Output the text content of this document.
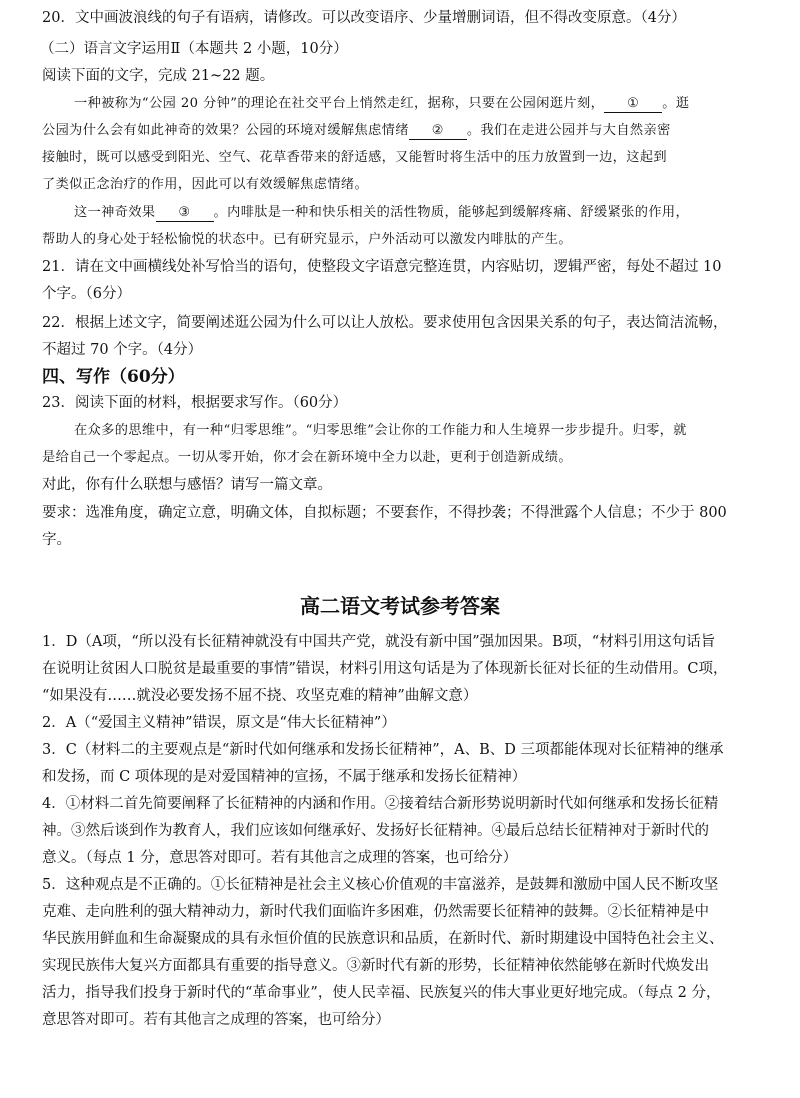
20．文中画波浪线的句子有语病，请修改。可以改变语序、少量增删词语，但不得改变原意。（4分）
（二）语言文字运用Ⅱ（本题共 2 小题，10分）
阅读下面的文字，完成 21~22 题。
一种被称为“公园 20 分钟”的理论在社交平台上悄然走红，据称，只要在公园闲逛片刻， ① 。逛
公园为什么会有如此神奇的效果？公园的环境对缓解焦虑情绪 ② 。我们在走进公园并与大自然亲密
接触时，既可以感受到阳光、空气、花草香带来的舒适感，又能暂时将生活中的压力放置到一边，这起到
了类似正念治疗的作用，因此可以有效缓解焦虑情绪。
这一神奇效果 ③ 。内啡肽是一种和快乐相关的活性物质，能够起到缓解疼痛、舒缓紧张的作用，
帮助人的身心处于轻松愉悦的状态中。已有研究显示，户外活动可以激发内啡肽的产生。
21．请在文中画横线处补写恰当的语句，使整段文字语意完整连贯，内容贴切，逻辑严密，每处不超过 10
个字。（6分）
22．根据上述文字，简要阐述逛公园为什么可以让人放松。要求使用包含因果关系的句子，表达简洁流畅，
不超过 70 个字。（4分）
四、写作（60分）
23．阅读下面的材料，根据要求写作。（60分）
在众多的思维中，有一种“归零思维”。“归零思维”会让你的工作能力和人生境界一步步提升。归零，就
是给自己一个零起点。一切从零开始，你才会在新环境中全力以赴，更利于创造新成绩。
对此，你有什么联想与感悟？请写一篇文章。
要求：选准角度，确定立意，明确文体，自拟标题；不要套作，不得抄袭；不得泄露个人信息；不少于 800
字。
高二语文考试参考答案
1．D（A项，“所以没有长征精神就没有中国共产党，就没有新中国”强加因果。B项，“材料引用这句话旨
在说明让贫困人口脱贫是最重要的事情”错误，材料引用这句话是为了体现新长征对长征的生动借用。C项，
“如果没有……就没必要发扬不屈不挠、攻坚克难的精神”曲解文意）
2．A（“爱国主义精神”错误，原文是“伟大长征精神”）
3．C（材料二的主要观点是“新时代如何继承和发扬长征精神”，A、B、D 三项都能体现对长征精神的继承
和发扬，而 C 项体现的是对爱国精神的宣扬，不属于继承和发扬长征精神）
4．①材料二首先简要阐释了长征精神的内涵和作用。②接着结合新形势说明新时代如何继承和发扬长征精
神。③然后谈到作为教育人，我们应该如何继承好、发扬好长征精神。④最后总结长征精神对于新时代的
意义。（每点 1 分，意思答对即可。若有其他言之成理的答案，也可给分）
5．这种观点是不正确的。①长征精神是社会主义核心价值观的丰富滋养，是鼓舞和激励中国人民不断攻坚
克难、走向胜利的强大精神动力，新时代我们面临许多困难，仍然需要长征精神的鼓舞。②长征精神是中
华民族用鲜血和生命凝聚成的具有永恒价值的民族意识和品质，在新时代、新时期建设中国特色社会主义、
实现民族伟大复兴方面都具有重要的指导意义。③新时代有新的形势，长征精神依然能够在新时代焕发出
活力，指导我们投身于新时代的“革命事业”，使人民幸福、民族复兴的伟大事业更好地完成。（每点 2 分，
意思答对即可。若有其他言之成理的答案，也可给分）
